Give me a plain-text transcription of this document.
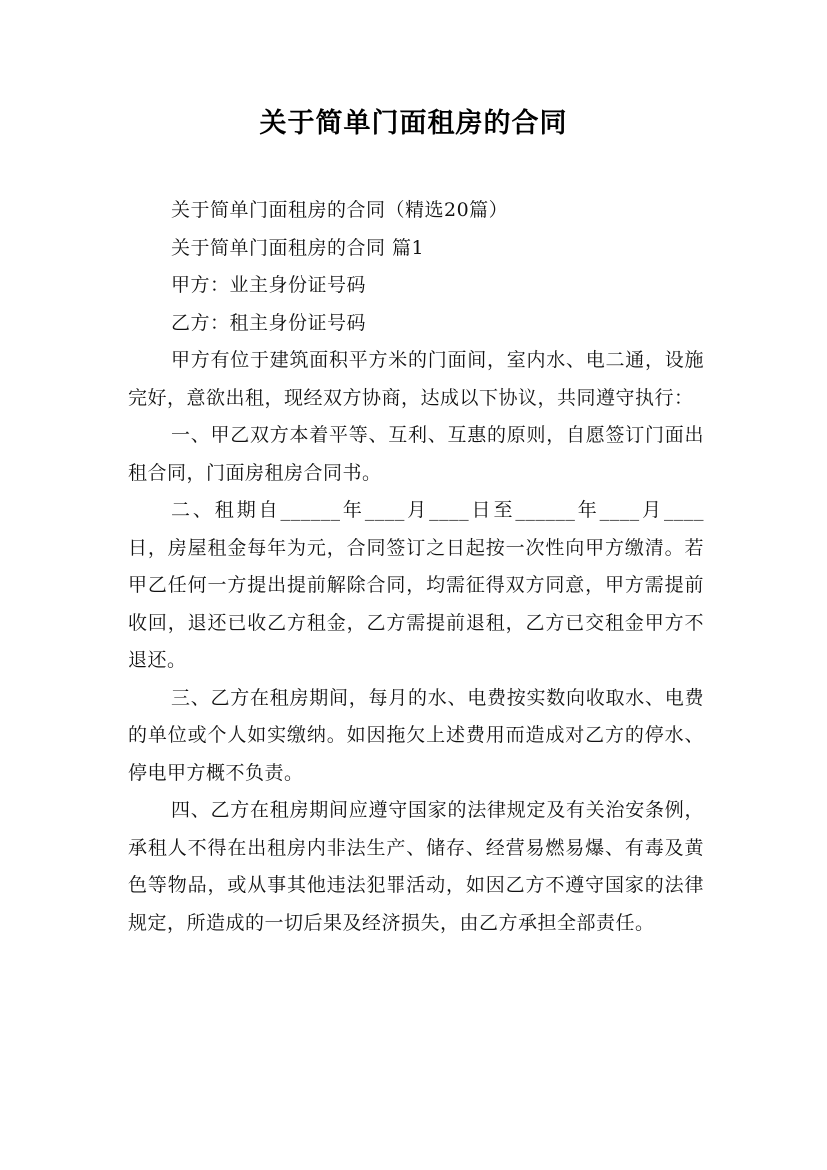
关于简单门面租房的合同

关于简单门面租房的合同（精选20篇）

关于简单门面租房的合同 篇1

甲方：业主身份证号码

乙方：租主身份证号码

甲方有位于建筑面积平方米的门面间，室内水、电二通，设施完好，意欲出租，现经双方协商，达成以下协议，共同遵守执行：

一、甲乙双方本着平等、互利、互惠的原则，自愿签订门面出租合同，门面房租房合同书。

二、租期自______年____月____日至______年____月____日，房屋租金每年为元，合同签订之日起按一次性向甲方缴清。若甲乙任何一方提出提前解除合同，均需征得双方同意，甲方需提前收回，退还已收乙方租金，乙方需提前退租，乙方已交租金甲方不退还。

三、乙方在租房期间，每月的水、电费按实数向收取水、电费的单位或个人如实缴纳。如因拖欠上述费用而造成对乙方的停水、停电甲方概不负责。

四、乙方在租房期间应遵守国家的法律规定及有关治安条例，承租人不得在出租房内非法生产、储存、经营易燃易爆、有毒及黄色等物品，或从事其他违法犯罪活动，如因乙方不遵守国家的法律规定，所造成的一切后果及经济损失，由乙方承担全部责任。
